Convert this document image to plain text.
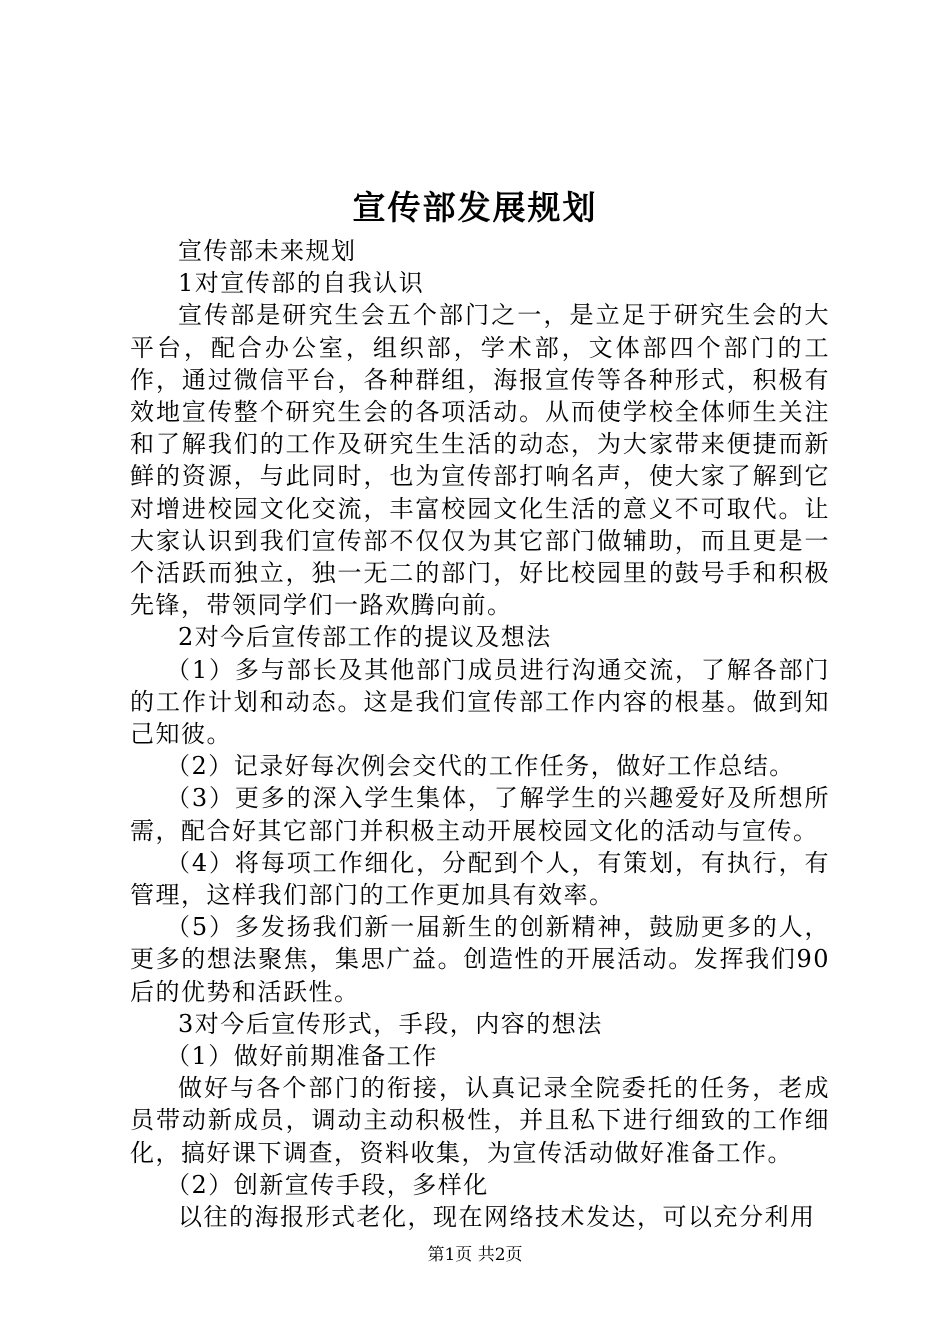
宣传部发展规划

宣传部未来规划

1对宣传部的自我认识

宣传部是研究生会五个部门之一，是立足于研究生会的大平台，配合办公室，组织部，学术部，文体部四个部门的工作，通过微信平台，各种群组，海报宣传等各种形式，积极有效地宣传整个研究生会的各项活动。从而使学校全体师生关注和了解我们的工作及研究生生活的动态，为大家带来便捷而新鲜的资源，与此同时，也为宣传部打响名声，使大家了解到它对增进校园文化交流，丰富校园文化生活的意义不可取代。让大家认识到我们宣传部不仅仅为其它部门做辅助，而且更是一个活跃而独立，独一无二的部门，好比校园里的鼓号手和积极先锋，带领同学们一路欢腾向前。

2对今后宣传部工作的提议及想法

（1）多与部长及其他部门成员进行沟通交流，了解各部门的工作计划和动态。这是我们宣传部工作内容的根基。做到知己知彼。

（2）记录好每次例会交代的工作任务，做好工作总结。

（3）更多的深入学生集体，了解学生的兴趣爱好及所想所需，配合好其它部门并积极主动开展校园文化的活动与宣传。

（4）将每项工作细化，分配到个人，有策划，有执行，有管理，这样我们部门的工作更加具有效率。

（5）多发扬我们新一届新生的创新精神，鼓励更多的人，更多的想法聚焦，集思广益。创造性的开展活动。发挥我们90后的优势和活跃性。

3对今后宣传形式，手段，内容的想法

（1）做好前期准备工作

做好与各个部门的衔接，认真记录全院委托的任务，老成员带动新成员，调动主动积极性，并且私下进行细致的工作细化，搞好课下调查，资料收集，为宣传活动做好准备工作。

（2）创新宣传手段，多样化

以往的海报形式老化，现在网络技术发达，可以充分利用

第1页 共2页
